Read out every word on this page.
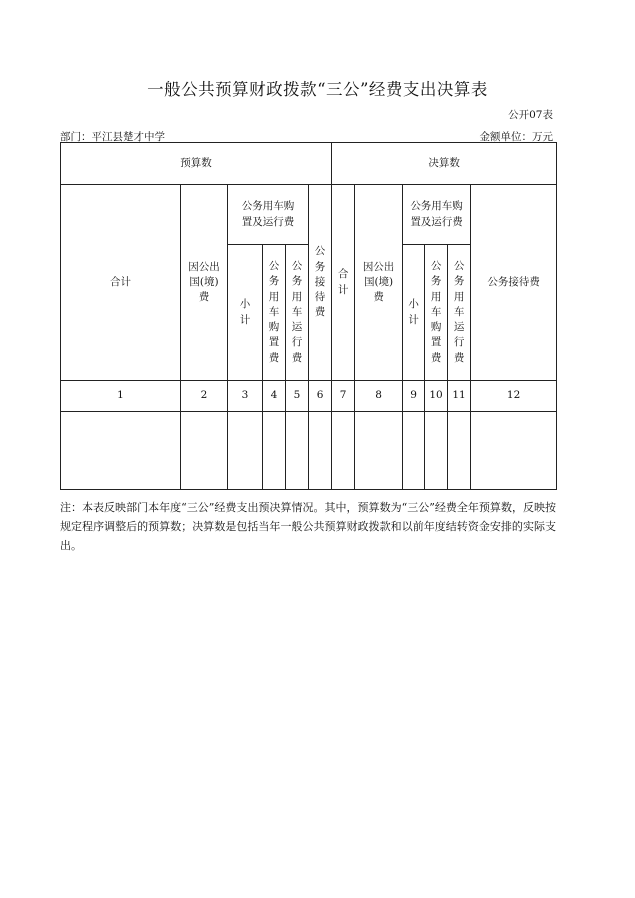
一般公共预算财政拨款“三公”经费支出决算表
公开07表
部门：平江县楚才中学	金额单位：万元
预算数						决算数					
合计	因公出国(境)费	公务用车购置及运行费			公务接待费	合计	因公出国(境)费	公务用车购置及运行费			公务接待费
		小计	公务用车购置费	公务用车运行费				小计	公务用车购置费	公务用车运行费	
1	2	3	4	5	6	7	8	9	10	11	12

注：本表反映部门本年度“三公”经费支出预决算情况。其中，预算数为“三公”经费全年预算数，反映按规定程序调整后的预算数；决算数是包括当年一般公共预算财政拨款和以前年度结转资金安排的实际支出。
